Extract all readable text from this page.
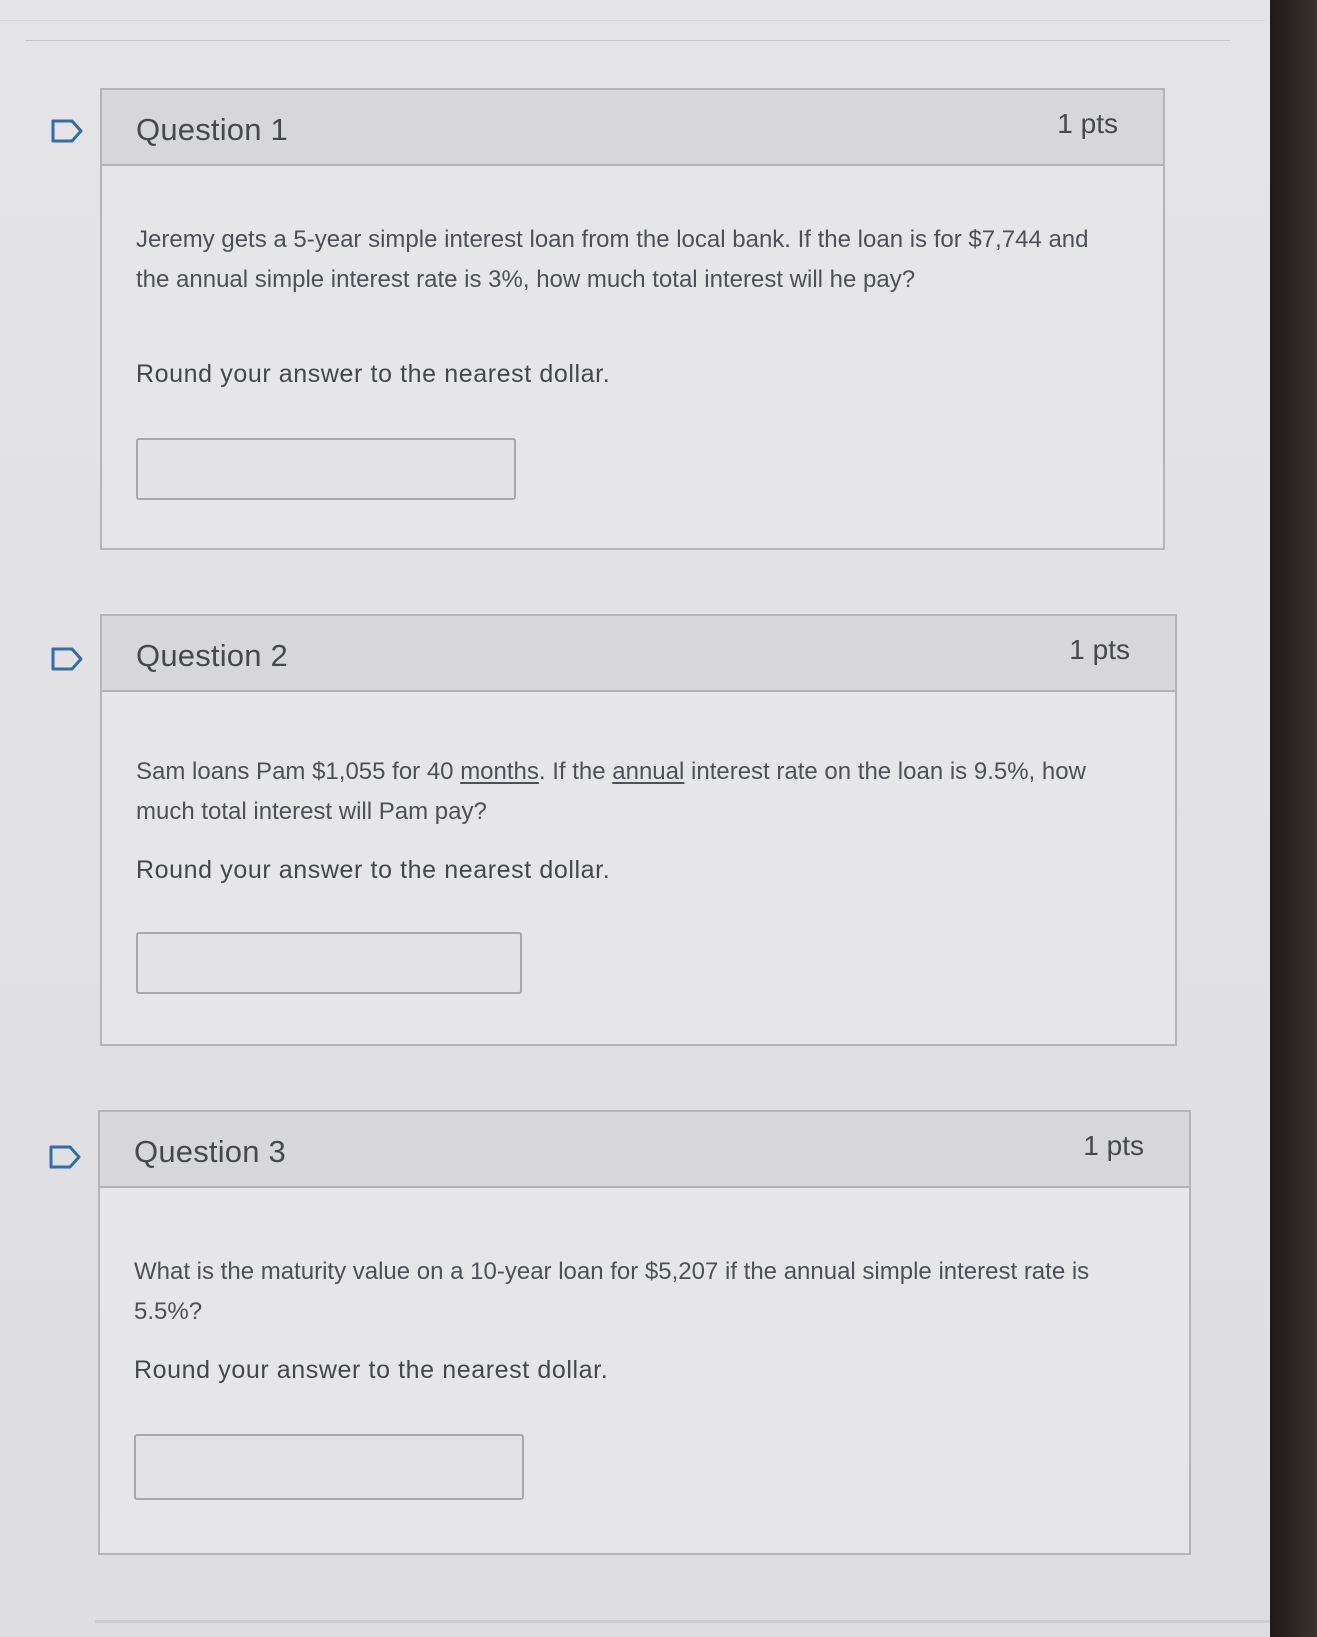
Question 1	1 pts
Jeremy gets a 5-year simple interest loan from the local bank. If the loan is for $7,744 and the annual simple interest rate is 3%, how much total interest will he pay?
Round your answer to the nearest dollar.
Question 2	1 pts
Sam loans Pam $1,055 for 40 months. If the annual interest rate on the loan is 9.5%, how much total interest will Pam pay?
Round your answer to the nearest dollar.
Question 3	1 pts
What is the maturity value on a 10-year loan for $5,207 if the annual simple interest rate is 5.5%?
Round your answer to the nearest dollar.
